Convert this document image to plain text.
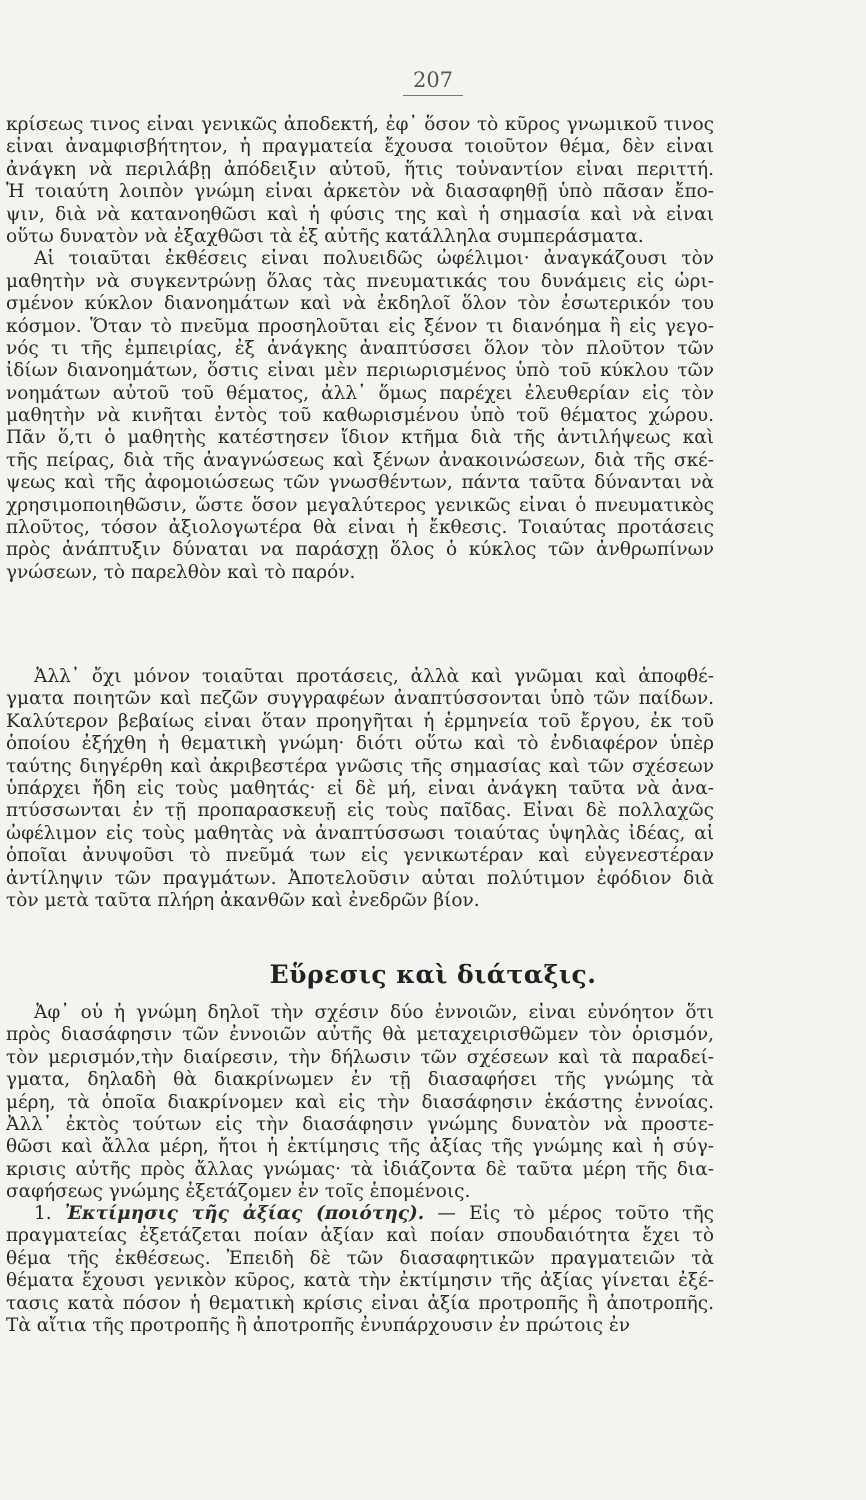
207
κρίσεως τινος εἶναι γενικῶς ἀποδεκτή, ἐφ᾽ ὅσον τὸ κῦρος γνωμικοῦ τινος
εἶναι ἀναμφισβήτητον, ἡ πραγματεία ἔχουσα τοιοῦτον θέμα, δὲν εἶναι
ἀνάγκη νὰ περιλάβῃ ἀπόδειξιν αὐτοῦ, ἥτις τοὐναντίον εἶναι περιττή.
Ἡ τοιαύτη λοιπὸν γνώμη εἶναι ἀρκετὸν νὰ διασαφηθῇ ὑπὸ πᾶσαν ἔπο-
ψιν, διὰ νὰ κατανοηθῶσι καὶ ἡ φύσις της καὶ ἡ σημασία καὶ νὰ εἶναι
οὕτω δυνατὸν νὰ ἐξαχθῶσι τὰ ἐξ αὐτῆς κατάλληλα συμπεράσματα.
Αἱ τοιαῦται ἐκθέσεις εἶναι πολυειδῶς ὠφέλιμοι· ἀναγκάζουσι τὸν
μαθητὴν νὰ συγκεντρώνῃ ὅλας τὰς πνευματικάς του δυνάμεις εἰς ὡρι-
σμένον κύκλον διανοημάτων καὶ νὰ ἐκδηλοῖ ὅλον τὸν ἐσωτερικόν του
κόσμον. Ὅταν τὸ πνεῦμα προσηλοῦται εἰς ξένον τι διανόημα ἢ εἰς γεγο-
νός τι τῆς ἐμπειρίας, ἐξ ἀνάγκης ἀναπτύσσει ὅλον τὸν πλοῦτον τῶν
ἰδίων διανοημάτων, ὅστις εἶναι μὲν περιωρισμένος ὑπὸ τοῦ κύκλου τῶν
νοημάτων αὐτοῦ τοῦ θέματος, ἀλλ᾽ ὅμως παρέχει ἐλευθερίαν εἰς τὸν
μαθητὴν νὰ κινῆται ἐντὸς τοῦ καθωρισμένου ὑπὸ τοῦ θέματος χώρου.
Πᾶν ὅ,τι ὁ μαθητὴς κατέστησεν ἴδιον κτῆμα διὰ τῆς ἀντιλήψεως καὶ
τῆς πείρας, διὰ τῆς ἀναγνώσεως καὶ ξένων ἀνακοινώσεων, διὰ τῆς σκέ-
ψεως καὶ τῆς ἀφομοιώσεως τῶν γνωσθέντων, πάντα ταῦτα δύνανται νὰ
χρησιμοποιηθῶσιν, ὥστε ὅσον μεγαλύτερος γενικῶς εἶναι ὁ πνευματικὸς
πλοῦτος, τόσον ἀξιολογωτέρα θὰ εἶναι ἡ ἔκθεσις. Τοιαύτας προτάσεις
πρὸς ἀνάπτυξιν δύναται να παράσχῃ ὅλος ὁ κύκλος τῶν ἀνθρωπίνων
γνώσεων, τὸ παρελθὸν καὶ τὸ παρόν.
Ἀλλ᾽ ὄχι μόνον τοιαῦται προτάσεις, ἀλλὰ καὶ γνῶμαι καὶ ἀποφθέ-
γματα ποιητῶν καὶ πεζῶν συγγραφέων ἀναπτύσσονται ὑπὸ τῶν παίδων.
Καλύτερον βεβαίως εἶναι ὅταν προηγῆται ἡ ἑρμηνεία τοῦ ἔργου, ἐκ τοῦ
ὁποίου ἐξήχθη ἡ θεματικὴ γνώμη· διότι οὕτω καὶ τὸ ἐνδιαφέρον ὑπὲρ
ταύτης διηγέρθη καὶ ἀκριβεστέρα γνῶσις τῆς σημασίας καὶ τῶν σχέσεων
ὑπάρχει ἤδη εἰς τοὺς μαθητάς· εἰ δὲ μή, εἶναι ἀνάγκη ταῦτα νὰ ἀνα-
πτύσσωνται ἐν τῇ προπαρασκευῇ εἰς τοὺς παῖδας. Εἶναι δὲ πολλαχῶς
ὠφέλιμον εἰς τοὺς μαθητὰς νὰ ἀναπτύσσωσι τοιαύτας ὑψηλὰς ἰδέας, αἱ
ὁποῖαι ἀνυψοῦσι τὸ πνεῦμά των εἰς γενικωτέραν καὶ εὐγενεστέραν
ἀντίληψιν τῶν πραγμάτων. Ἀποτελοῦσιν αὗται πολύτιμον ἐφόδιον διὰ
τὸν μετὰ ταῦτα πλήρη ἀκανθῶν καὶ ἐνεδρῶν βίον.
Εὕρεσις καὶ διάταξις.
Ἀφ᾽ οὗ ἡ γνώμη δηλοῖ τὴν σχέσιν δύο ἐννοιῶν, εἶναι εὐνόητον ὅτι
πρὸς διασάφησιν τῶν ἐννοιῶν αὐτῆς θὰ μεταχειρισθῶμεν τὸν ὁρισμόν,
τὸν μερισμόν,τὴν διαίρεσιν, τὴν δήλωσιν τῶν σχέσεων καὶ τὰ παραδεί-
γματα, δηλαδὴ θὰ διακρίνωμεν ἐν τῇ διασαφήσει τῆς γνώμης τὰ
μέρη, τὰ ὁποῖα διακρίνομεν καὶ εἰς τὴν διασάφησιν ἑκάστης ἐννοίας.
Ἀλλ᾽ ἐκτὸς τούτων εἰς τὴν διασάφησιν γνώμης δυνατὸν νὰ προστε-
θῶσι καὶ ἄλλα μέρη, ἤτοι ἡ ἐκτίμησις τῆς ἀξίας τῆς γνώμης καὶ ἡ σύγ-
κρισις αὐτῆς πρὸς ἄλλας γνώμας· τὰ ἰδιάζοντα δὲ ταῦτα μέρη τῆς δια-
σαφήσεως γνώμης ἐξετάζομεν ἐν τοῖς ἑπομένοις.
1. Ἐκτίμησις τῆς ἀξίας (ποιότης). — Εἰς τὸ μέρος τοῦτο τῆς
πραγματείας ἐξετάζεται ποίαν ἀξίαν καὶ ποίαν σπουδαιότητα ἔχει τὸ
θέμα τῆς ἐκθέσεως. Ἐπειδὴ δὲ τῶν διασαφητικῶν πραγματειῶν τὰ
θέματα ἔχουσι γενικὸν κῦρος, κατὰ τὴν ἐκτίμησιν τῆς ἀξίας γίνεται ἐξέ-
τασις κατὰ πόσον ἡ θεματικὴ κρίσις εἶναι ἀξία προτροπῆς ἢ ἀποτροπῆς.
Τὰ αἴτια τῆς προτροπῆς ἢ ἀποτροπῆς ἐνυπάρχουσιν ἐν πρώτοις ἐν
